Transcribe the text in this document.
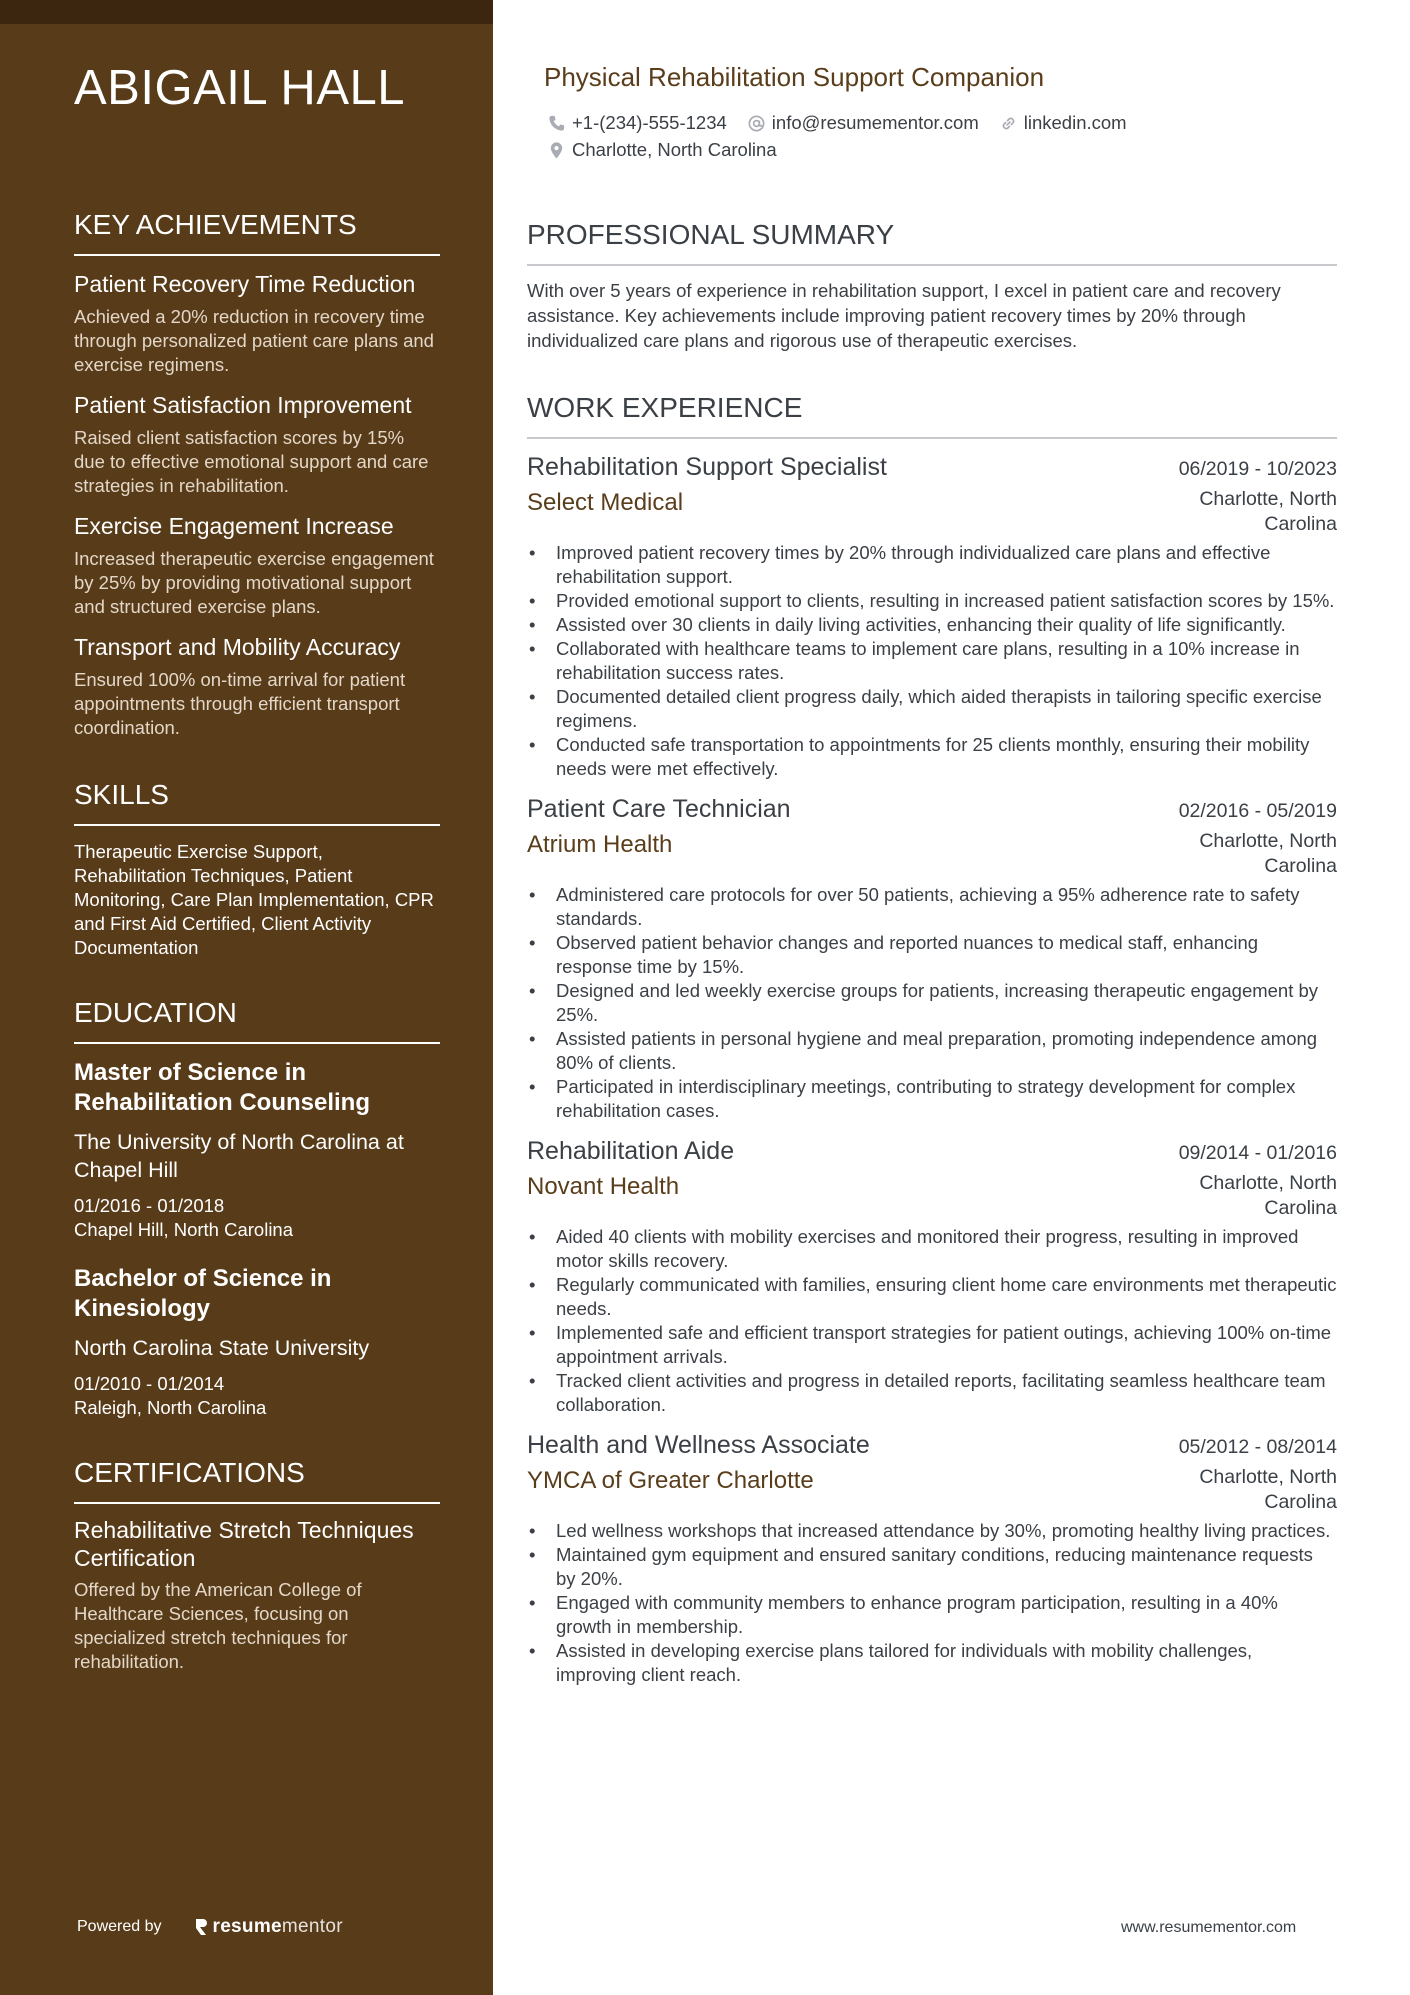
ABIGAIL HALL
KEY ACHIEVEMENTS
Patient Recovery Time Reduction
Achieved a 20% reduction in recovery time through personalized patient care plans and exercise regimens.
Patient Satisfaction Improvement
Raised client satisfaction scores by 15% due to effective emotional support and care strategies in rehabilitation.
Exercise Engagement Increase
Increased therapeutic exercise engagement by 25% by providing motivational support and structured exercise plans.
Transport and Mobility Accuracy
Ensured 100% on-time arrival for patient appointments through efficient transport coordination.
SKILLS
Therapeutic Exercise Support, Rehabilitation Techniques, Patient Monitoring, Care Plan Implementation, CPR and First Aid Certified, Client Activity Documentation
EDUCATION
Master of Science in Rehabilitation Counseling
The University of North Carolina at Chapel Hill
01/2016 - 01/2018
Chapel Hill, North Carolina
Bachelor of Science in Kinesiology
North Carolina State University
01/2010 - 01/2014
Raleigh, North Carolina
CERTIFICATIONS
Rehabilitative Stretch Techniques Certification
Offered by the American College of Healthcare Sciences, focusing on specialized stretch techniques for rehabilitation.
Powered by	resume mentor
Physical Rehabilitation Support Companion
+1-(234)-555-1234 info@resumementor.com linkedin.com
Charlotte, North Carolina
PROFESSIONAL SUMMARY
With over 5 years of experience in rehabilitation support, I excel in patient care and recovery assistance. Key achievements include improving patient recovery times by 20% through individualized care plans and rigorous use of therapeutic exercises.
WORK EXPERIENCE
Rehabilitation Support Specialist	06/2019 - 10/2023
Select Medical	Charlotte, North Carolina
• Improved patient recovery times by 20% through individualized care plans and effective rehabilitation support.
• Provided emotional support to clients, resulting in increased patient satisfaction scores by 15%.
• Assisted over 30 clients in daily living activities, enhancing their quality of life significantly.
• Collaborated with healthcare teams to implement care plans, resulting in a 10% increase in rehabilitation success rates.
• Documented detailed client progress daily, which aided therapists in tailoring specific exercise regimens.
• Conducted safe transportation to appointments for 25 clients monthly, ensuring their mobility needs were met effectively.
Patient Care Technician	02/2016 - 05/2019
Atrium Health	Charlotte, North Carolina
• Administered care protocols for over 50 patients, achieving a 95% adherence rate to safety standards.
• Observed patient behavior changes and reported nuances to medical staff, enhancing response time by 15%.
• Designed and led weekly exercise groups for patients, increasing therapeutic engagement by 25%.
• Assisted patients in personal hygiene and meal preparation, promoting independence among 80% of clients.
• Participated in interdisciplinary meetings, contributing to strategy development for complex rehabilitation cases.
Rehabilitation Aide	09/2014 - 01/2016
Novant Health	Charlotte, North Carolina
• Aided 40 clients with mobility exercises and monitored their progress, resulting in improved motor skills recovery.
• Regularly communicated with families, ensuring client home care environments met therapeutic needs.
• Implemented safe and efficient transport strategies for patient outings, achieving 100% on-time appointment arrivals.
• Tracked client activities and progress in detailed reports, facilitating seamless healthcare team collaboration.
Health and Wellness Associate	05/2012 - 08/2014
YMCA of Greater Charlotte	Charlotte, North Carolina
• Led wellness workshops that increased attendance by 30%, promoting healthy living practices.
• Maintained gym equipment and ensured sanitary conditions, reducing maintenance requests by 20%.
• Engaged with community members to enhance program participation, resulting in a 40% growth in membership.
• Assisted in developing exercise plans tailored for individuals with mobility challenges, improving client reach.
www.resumementor.com
